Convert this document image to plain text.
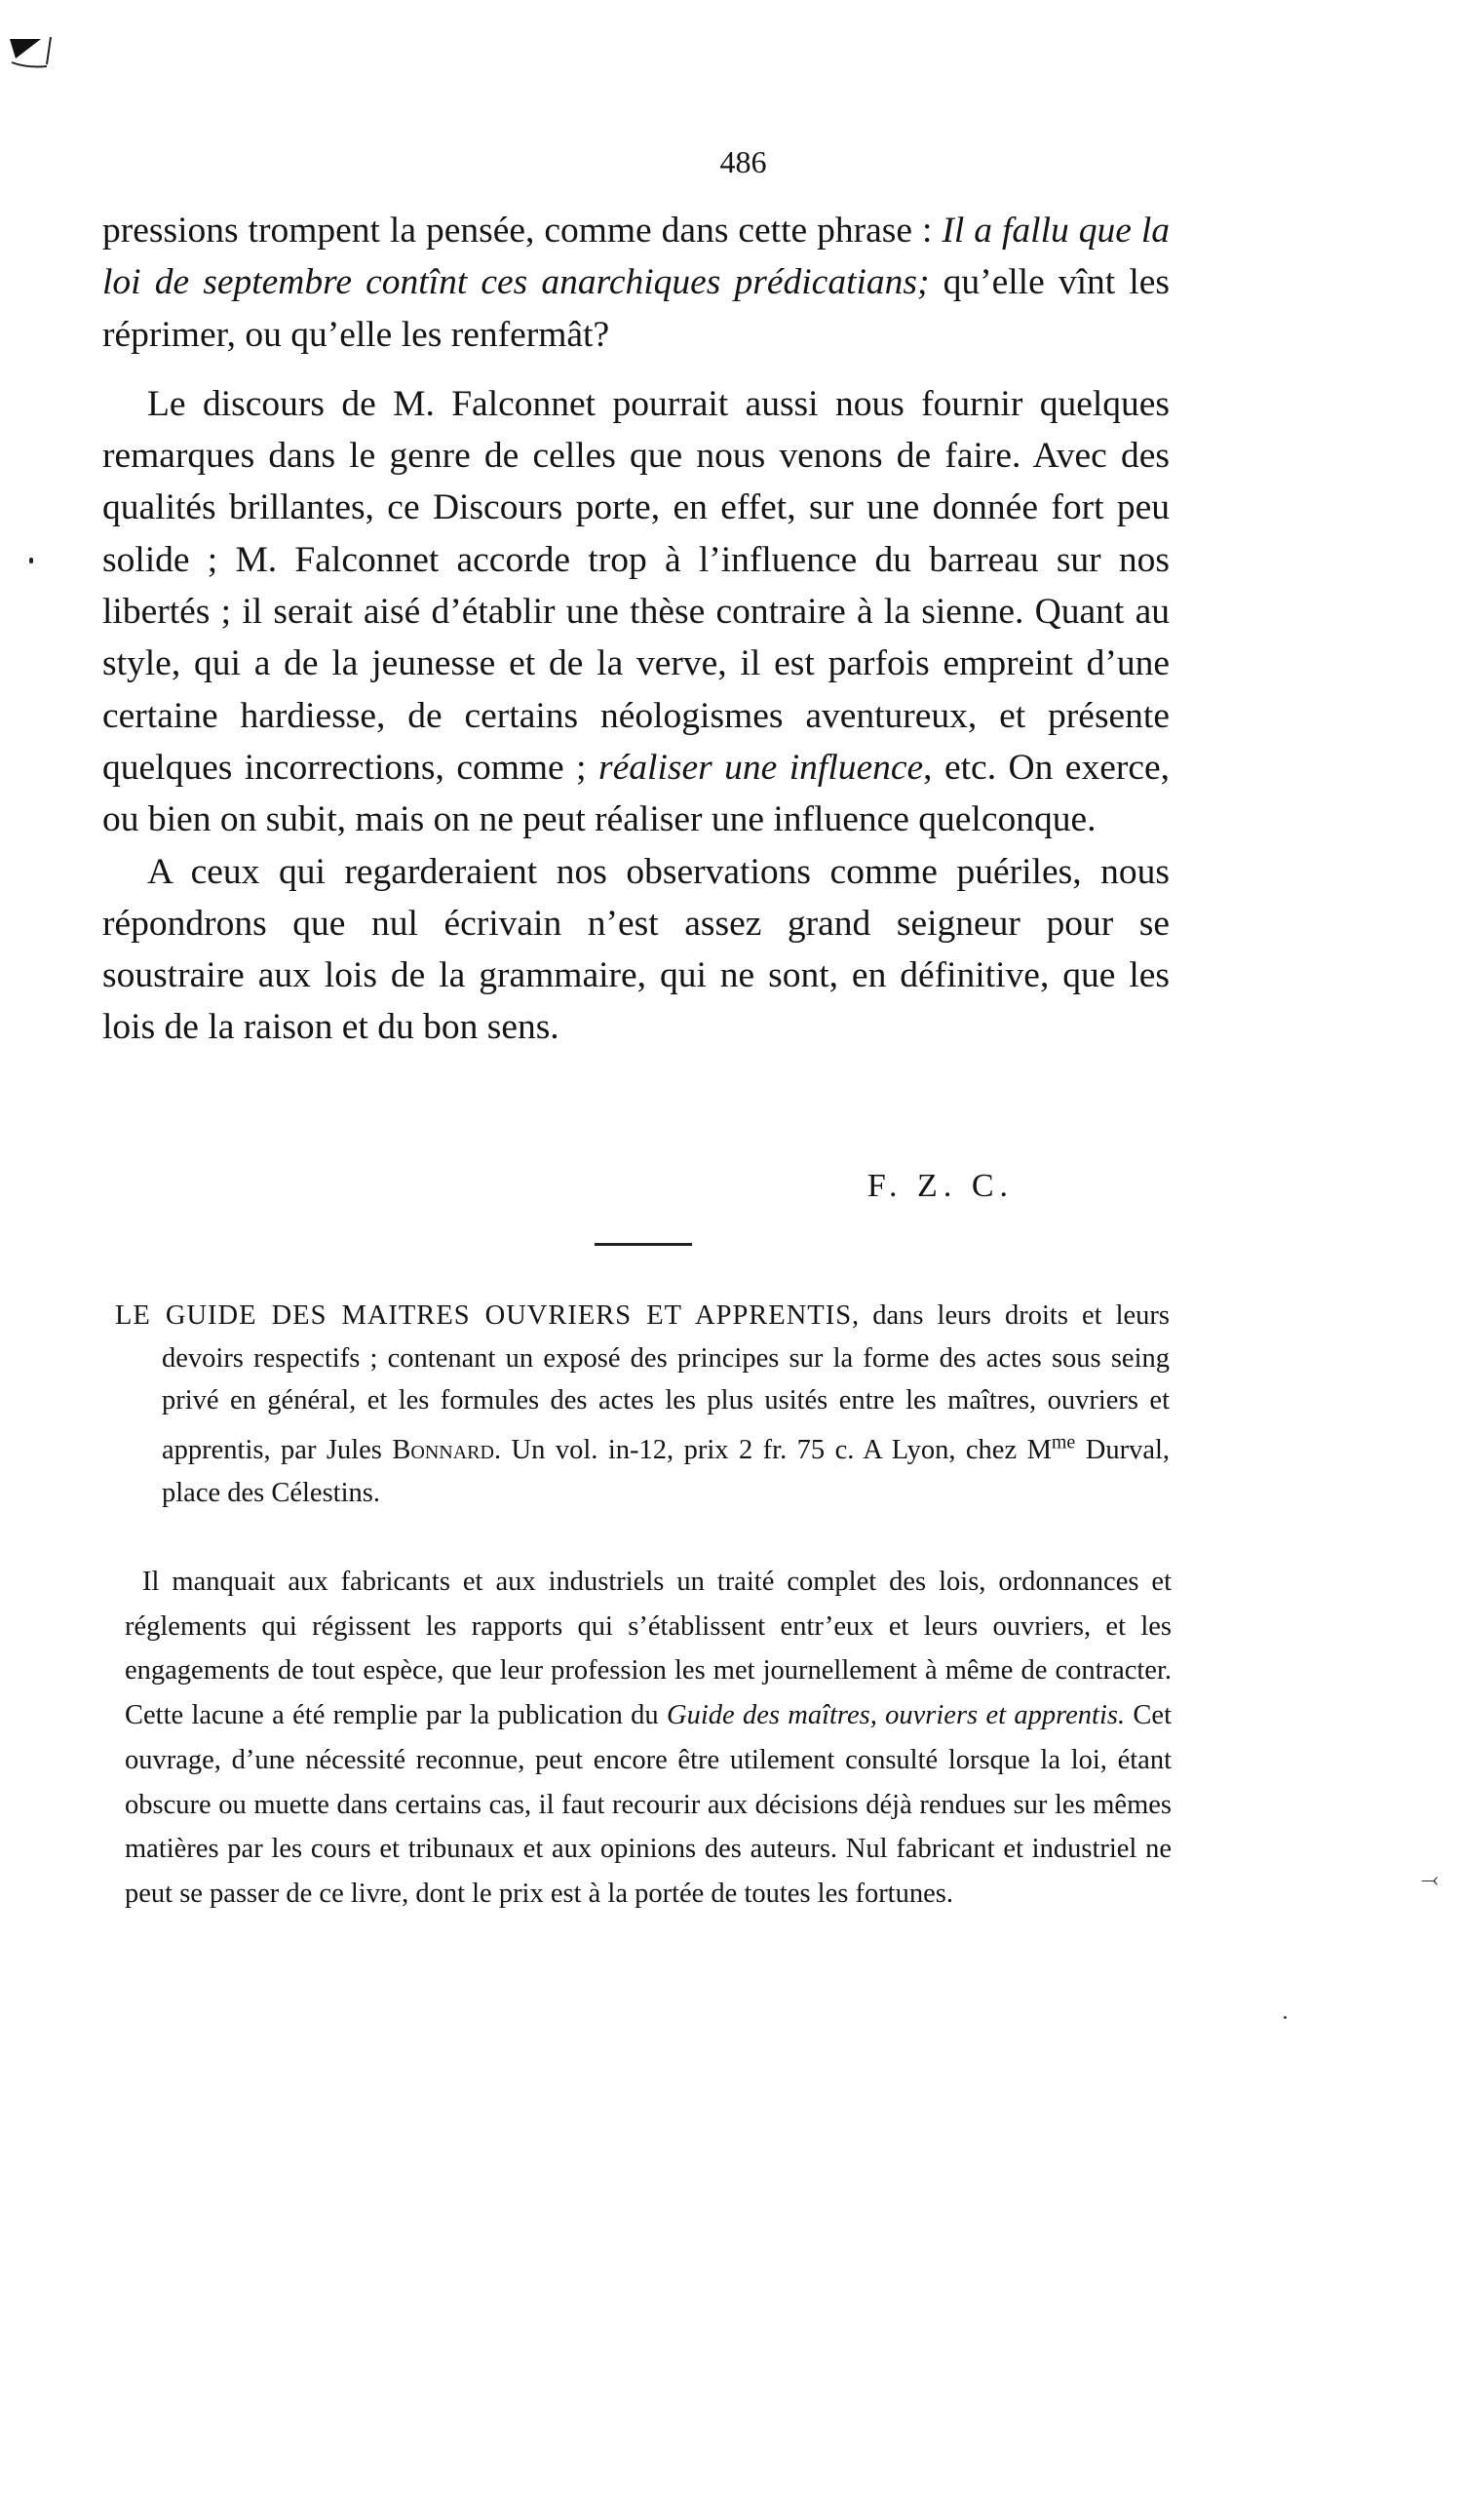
486

pressions trompent la pensée, comme dans cette phrase : Il a fallu que la loi de septembre contînt ces anarchiques prédicatians; qu’elle vînt les réprimer, ou qu’elle les renfermât?

Le discours de M. Falconnet pourrait aussi nous fournir quelques remarques dans le genre de celles que nous venons de faire. Avec des qualités brillantes, ce Discours porte, en effet, sur une donnée fort peu solide ; M. Falconnet accorde trop à l’influence du barreau sur nos libertés ; il serait aisé d’établir une thèse contraire à la sienne. Quant au style, qui a de la jeunesse et de la verve, il est parfois empreint d’une certaine hardiesse, de certains néologismes aventureux, et présente quelques incorrections, comme ; réaliser une influence, etc. On exerce, ou bien on subit, mais on ne peut réaliser une influence quelconque.

A ceux qui regarderaient nos observations comme puériles, nous répondrons que nul écrivain n’est assez grand seigneur pour se soustraire aux lois de la grammaire, qui ne sont, en définitive, que les lois de la raison et du bon sens.

F. Z. C.
LE GUIDE DES MAITRES OUVRIERS ET APPRENTIS, dans leurs droits et leurs devoirs respectifs ; contenant un exposé des principes sur la forme des actes sous seing privé en général, et les formules des actes les plus usités entre les maîtres, ouvriers et apprentis, par Jules Bonnard. Un vol. in-12, prix 2 fr. 75 c. A Lyon, chez $M^{me}$ Durval, place des Célestins.

Il manquait aux fabricants et aux industriels un traité complet des lois, ordonnances et réglements qui régissent les rapports qui s’établissent entr’eux et leurs ouvriers, et les engagements de tout espèce, que leur profession les met journellement à même de contracter. Cette lacune a été remplie par la publication du Guide des maîtres, ouvriers et apprentis. Cet ouvrage, d’une nécessité reconnue, peut encore être utilement consulté lorsque la loi, étant obscure ou muette dans certains cas, il faut recourir aux décisions déjà rendues sur les mêmes matières par les cours et tribunaux et aux opinions des auteurs. Nul fabricant et industriel ne peut se passer de ce livre, dont le prix est à la portée de toutes les fortunes.	⤙
